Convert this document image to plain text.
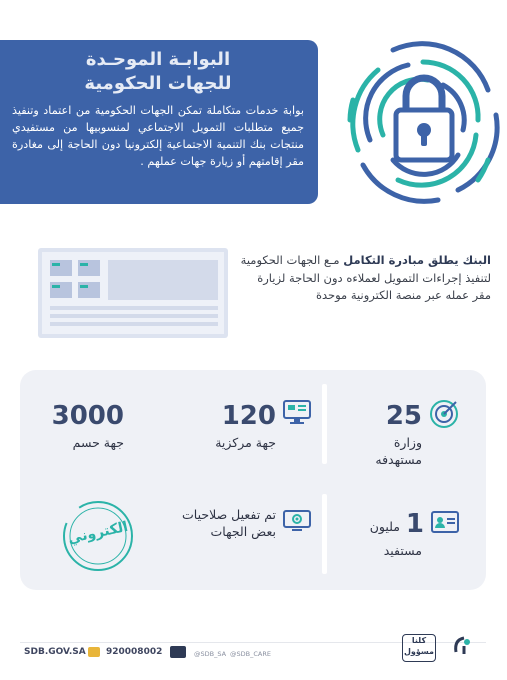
البوابـة الموحـدة
للجهات الحكومية
بوابة خدمات متكاملة تمكن الجهات الحكومية من اعتماد وتنفيذ جميع متطلبات التمويل الاجتماعي لمنسوبيها من مستفيدي منتجات بنك التنمية الاجتماعية إلكترونيا دون الحاجة إلى مغادرة مقر إقامتهم أو زيارة جهات عملهم .
البنك يطلق مبادرة التكامل مـع الجهات الحكومية لتنفيذ إجراءات التمويل لعملاءه دون الحاجة لزيارة مقر عمله عبر منصة الكترونية موحدة
25
وزارة
مستهدفه
120
جهة مركزية
3000
جهة حسم
1
مليون
مستفيد
تم تفعيل صلاحيات
بعض الجهات
الكتروني
كلنا
مسؤول
@SDB_CARE
@SDB_SA
920008002
SDB.GOV.SA
